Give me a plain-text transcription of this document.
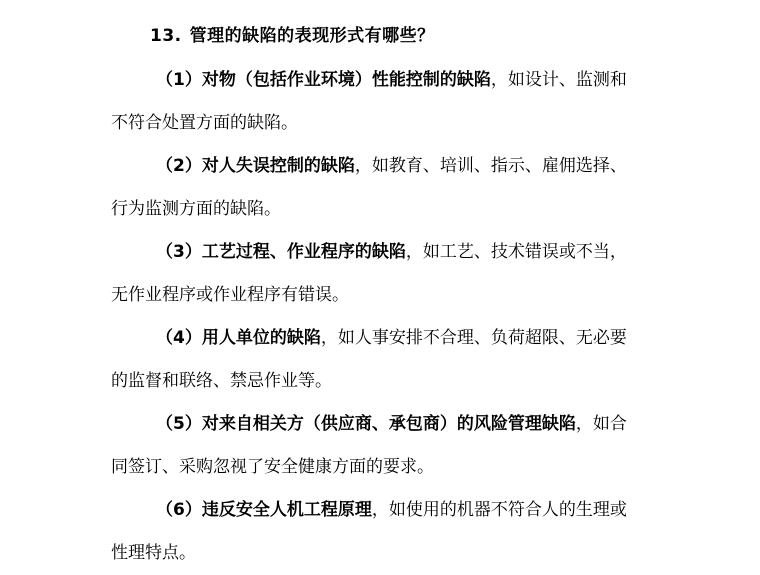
13. 管理的缺陷的表现形式有哪些？
（1）对物（包括作业环境）性能控制的缺陷，如设计、监测和
不符合处置方面的缺陷。
（2）对人失误控制的缺陷，如教育、培训、指示、雇佣选择、
行为监测方面的缺陷。
（3）工艺过程、作业程序的缺陷，如工艺、技术错误或不当，
无作业程序或作业程序有错误。
（4）用人单位的缺陷，如人事安排不合理、负荷超限、无必要
的监督和联络、禁忌作业等。
（5）对来自相关方（供应商、承包商）的风险管理缺陷，如合
同签订、采购忽视了安全健康方面的要求。
（6）违反安全人机工程原理，如使用的机器不符合人的生理或
性理特点。
